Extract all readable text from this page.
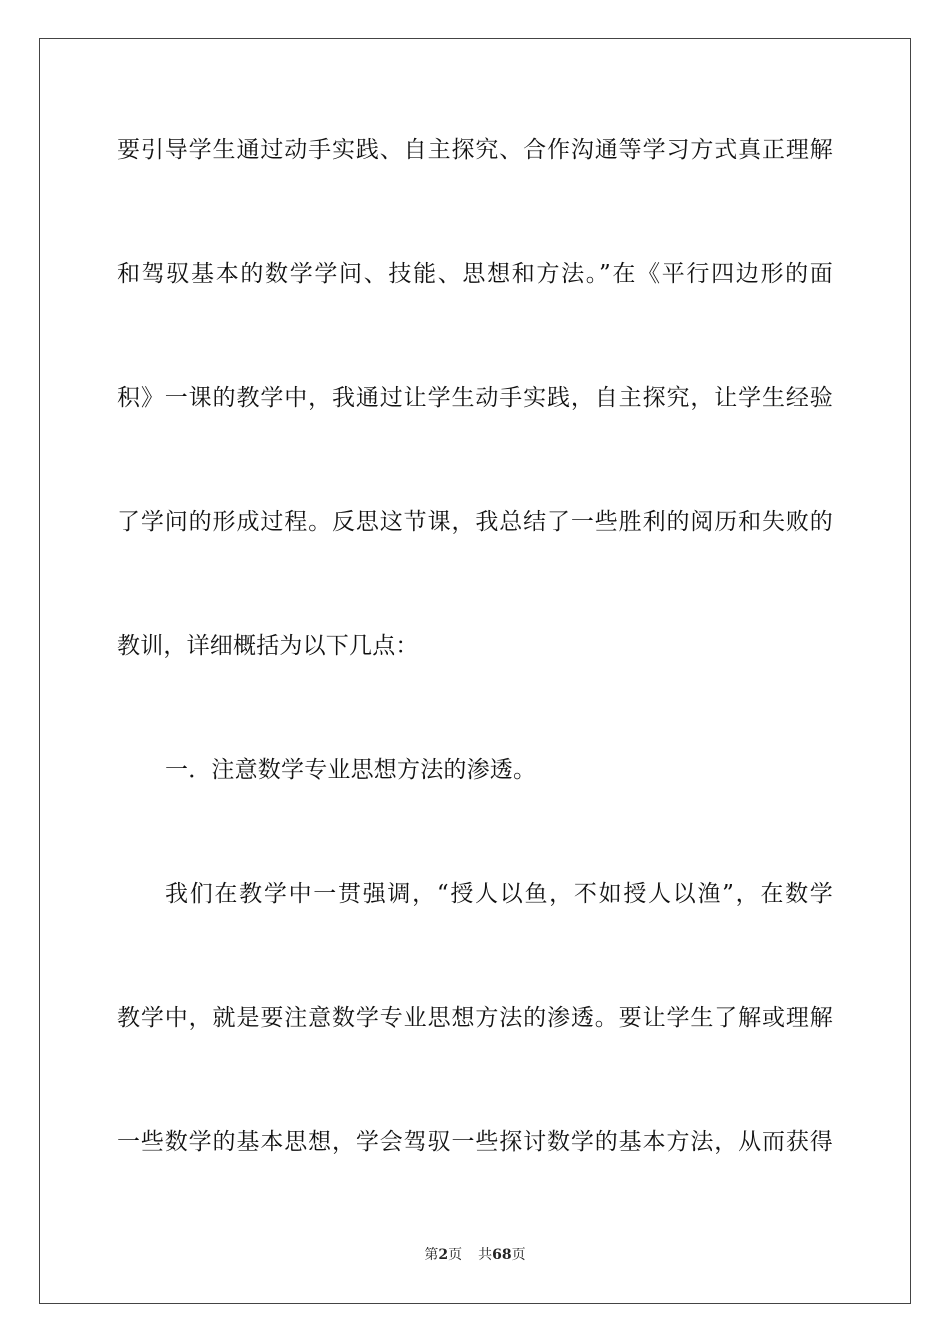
要引导学生通过动手实践、自主探究、合作沟通等学习方式真正理解
和驾驭基本的数学学问、技能、思想和方法。”在《平行四边形的面
积》一课的教学中，我通过让学生动手实践，自主探究，让学生经验
了学问的形成过程。反思这节课，我总结了一些胜利的阅历和失败的
教训，详细概括为以下几点：
一．注意数学专业思想方法的渗透。
我们在教学中一贯强调，“授人以鱼，不如授人以渔”，在数学
教学中，就是要注意数学专业思想方法的渗透。要让学生了解或理解
一些数学的基本思想，学会驾驭一些探讨数学的基本方法，从而获得
第2页 共68页
